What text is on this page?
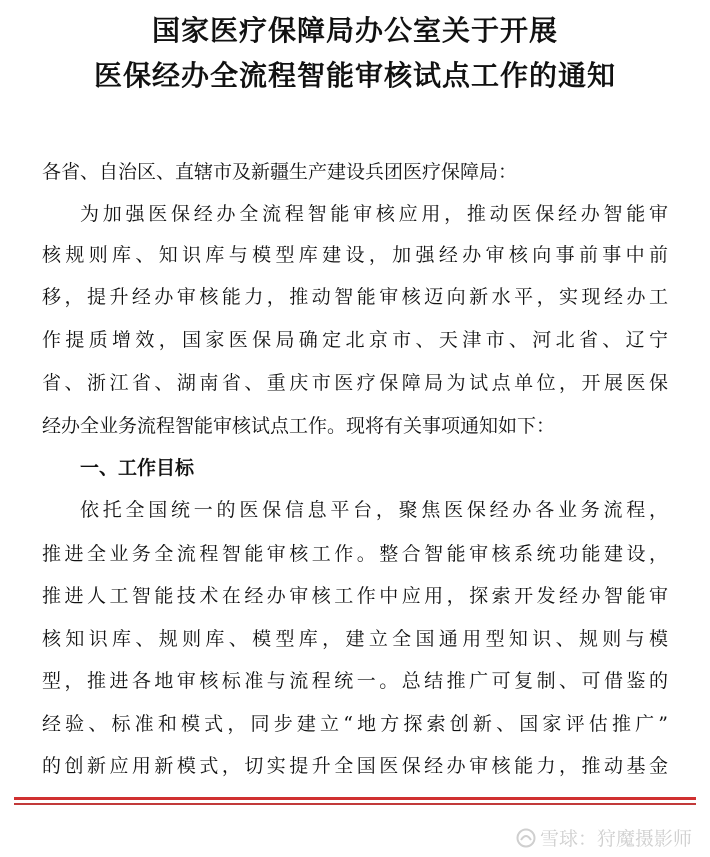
国家医疗保障局办公室关于开展
医保经办全流程智能审核试点工作的通知
各省、自治区、直辖市及新疆生产建设兵团医疗保障局：
为加强医保经办全流程智能审核应用，推动医保经办智能审
核规则库、知识库与模型库建设，加强经办审核向事前事中前
移，提升经办审核能力，推动智能审核迈向新水平，实现经办工
作提质增效，国家医保局确定北京市、天津市、河北省、辽宁
省、浙江省、湖南省、重庆市医疗保障局为试点单位，开展医保
经办全业务流程智能审核试点工作。现将有关事项通知如下：
一、工作目标
依托全国统一的医保信息平台，聚焦医保经办各业务流程，
推进全业务全流程智能审核工作。整合智能审核系统功能建设，
推进人工智能技术在经办审核工作中应用，探索开发经办智能审
核知识库、规则库、模型库，建立全国通用型知识、规则与模
型，推进各地审核标准与流程统一。总结推广可复制、可借鉴的
经验、标准和模式，同步建立“地方探索创新、国家评估推广”
的创新应用新模式，切实提升全国医保经办审核能力，推动基金
雪球：狩魔摄影师
